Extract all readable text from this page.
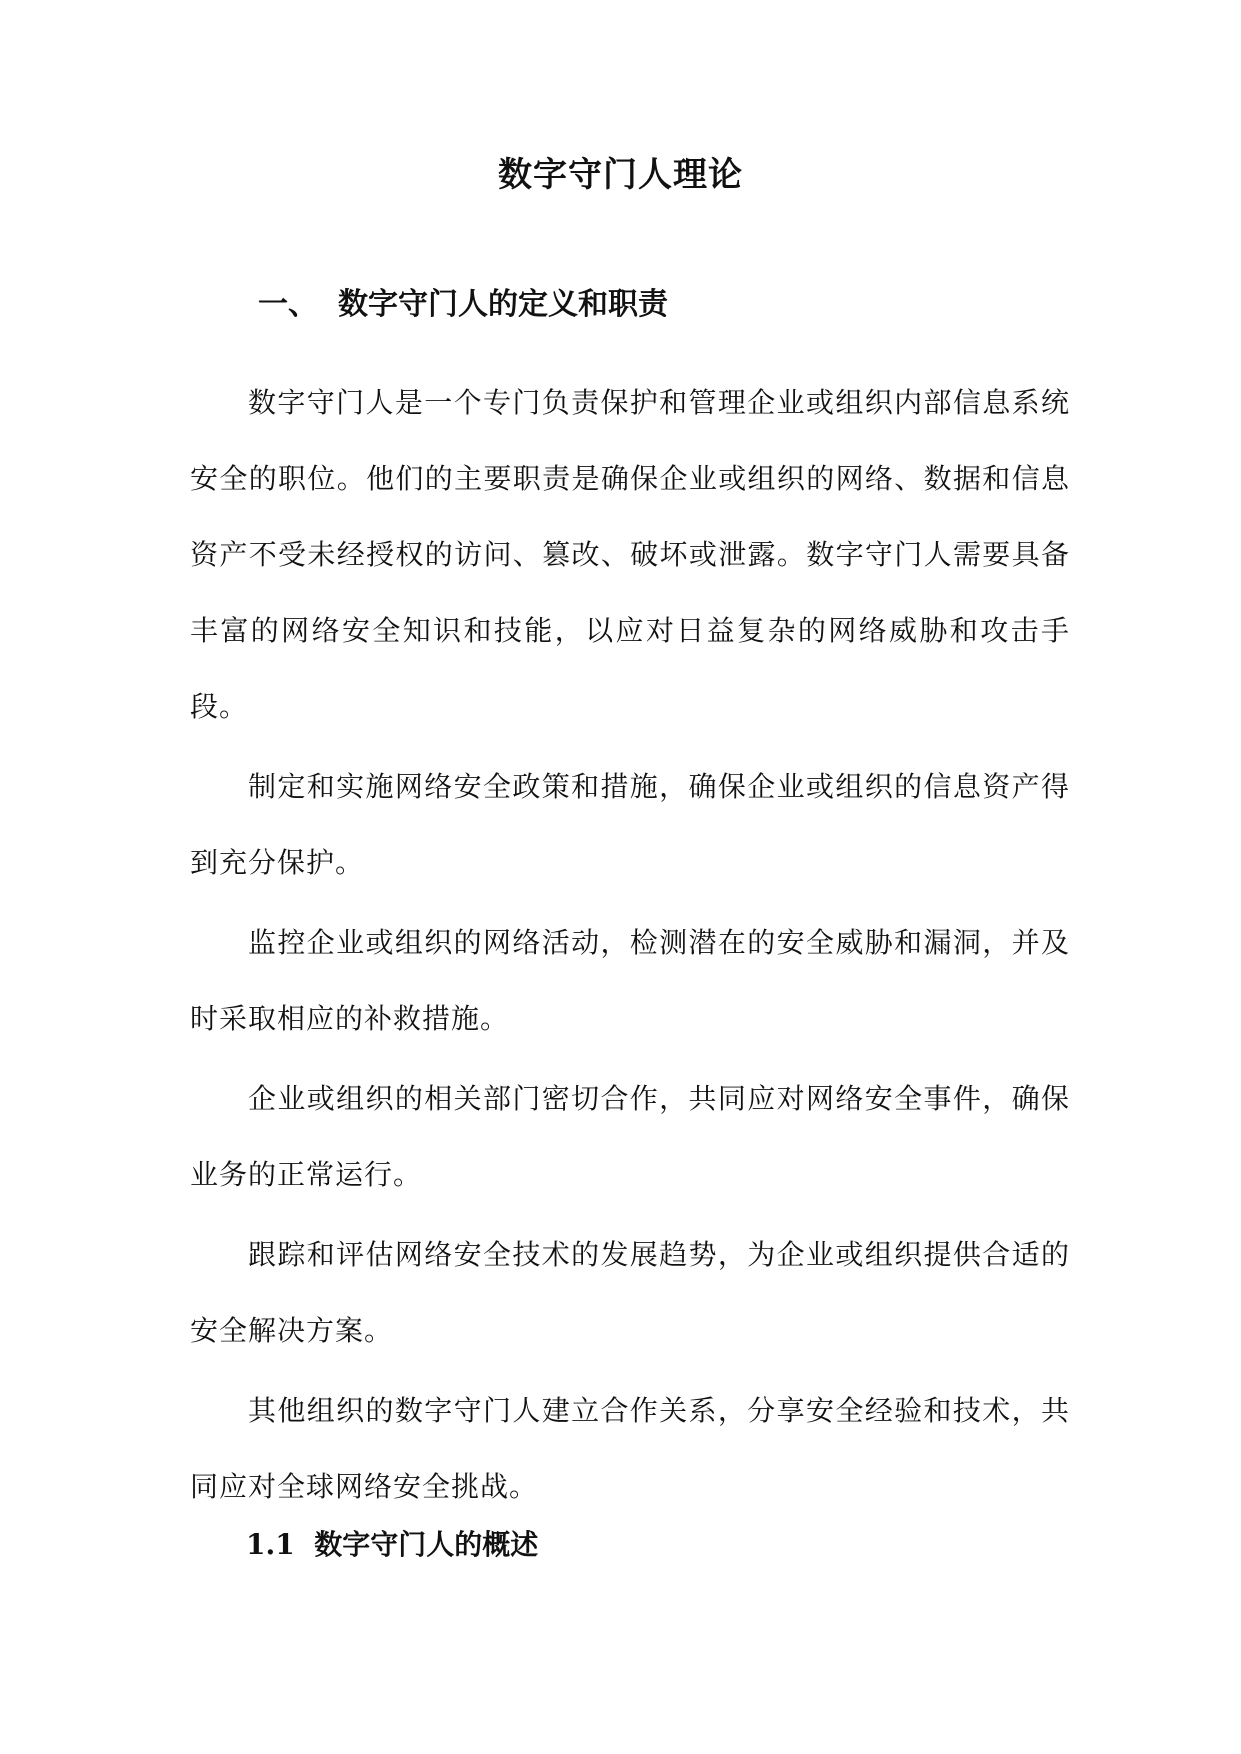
数字守门人理论
一、 数字守门人的定义和职责

数字守门人是一个专门负责保护和管理企业或组织内部信息系统安全的职位。他们的主要职责是确保企业或组织的网络、数据和信息资产不受未经授权的访问、篡改、破坏或泄露。数字守门人需要具备丰富的网络安全知识和技能，以应对日益复杂的网络威胁和攻击手段。

制定和实施网络安全政策和措施，确保企业或组织的信息资产得到充分保护。

监控企业或组织的网络活动，检测潜在的安全威胁和漏洞，并及时采取相应的补救措施。

企业或组织的相关部门密切合作，共同应对网络安全事件，确保业务的正常运行。

跟踪和评估网络安全技术的发展趋势，为企业或组织提供合适的安全解决方案。

其他组织的数字守门人建立合作关系，分享安全经验和技术，共同应对全球网络安全挑战。

1.1 数字守门人的概述
